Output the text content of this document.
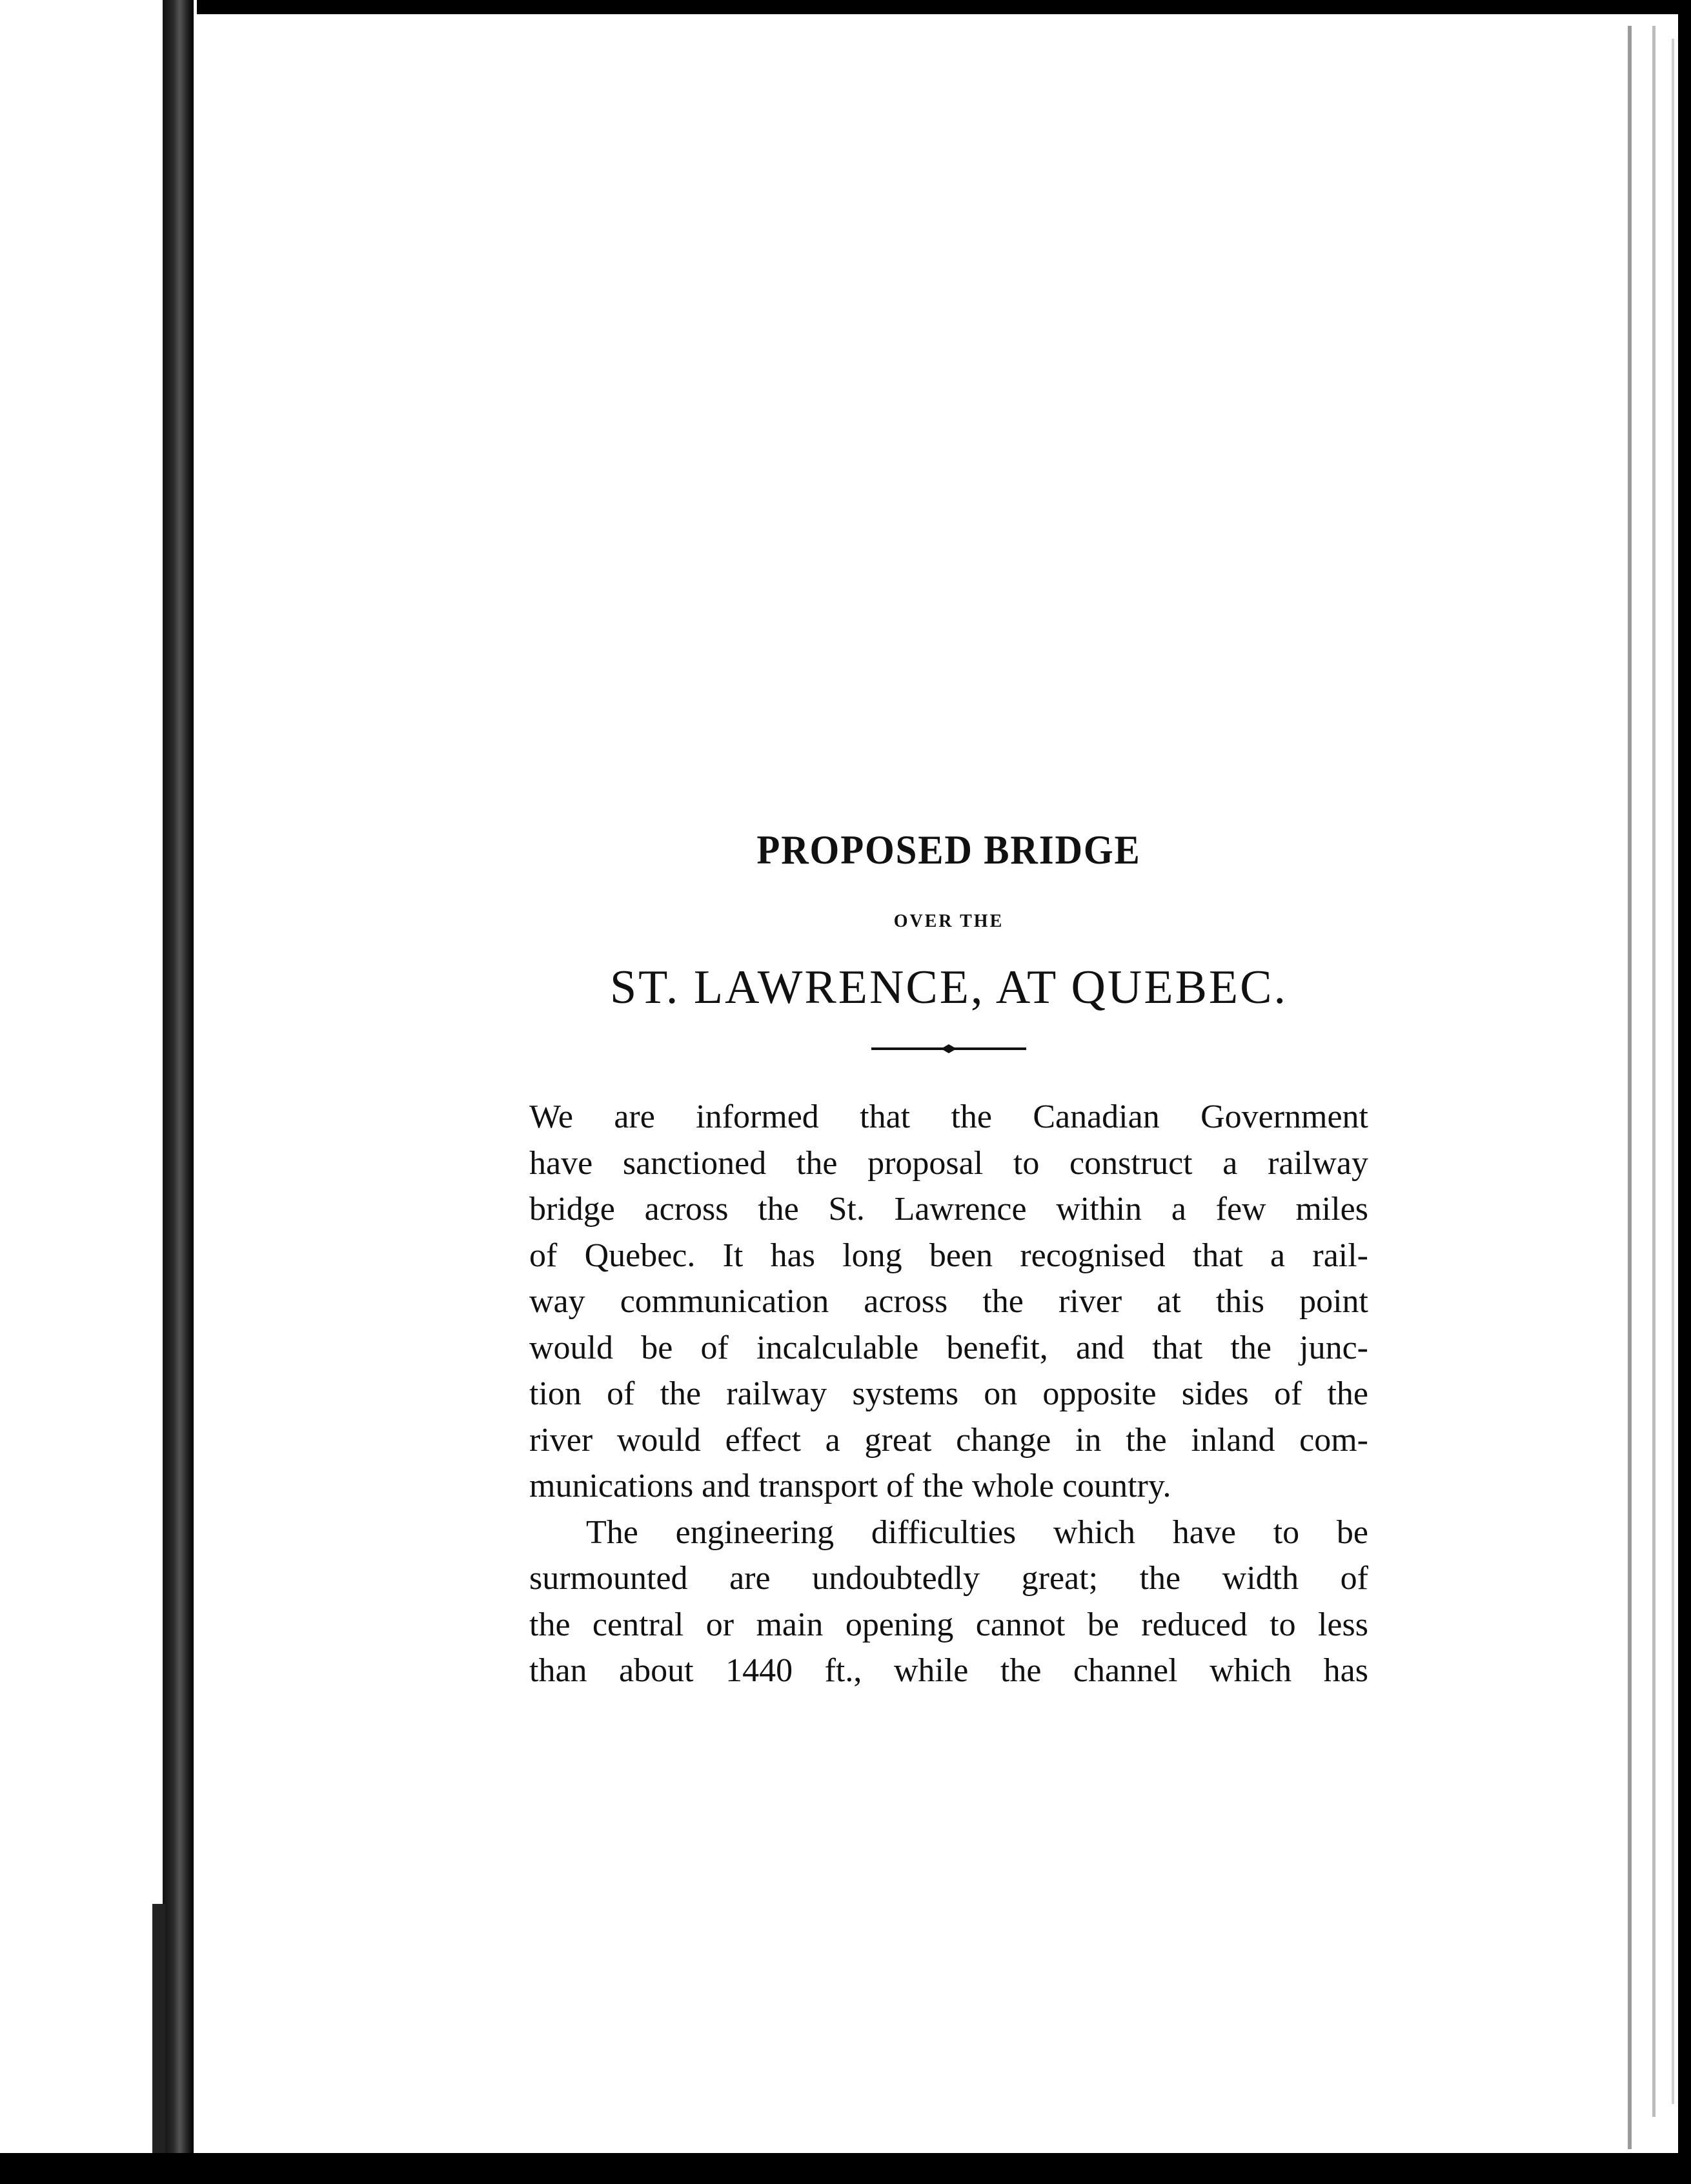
PROPOSED BRIDGE
OVER THE
ST. LAWRENCE, AT QUEBEC.

We are informed that the Canadian Government
have sanctioned the proposal to construct a railway
bridge across the St. Lawrence within a few miles
of Quebec. It has long been recognised that a rail-
way communication across the river at this point
would be of incalculable benefit, and that the junc-
tion of the railway systems on opposite sides of the
river would effect a great change in the inland com-
munications and transport of the whole country.

The engineering difficulties which have to be
surmounted are undoubtedly great; the width of
the central or main opening cannot be reduced to less
than about 1440 ft., while the channel which has
